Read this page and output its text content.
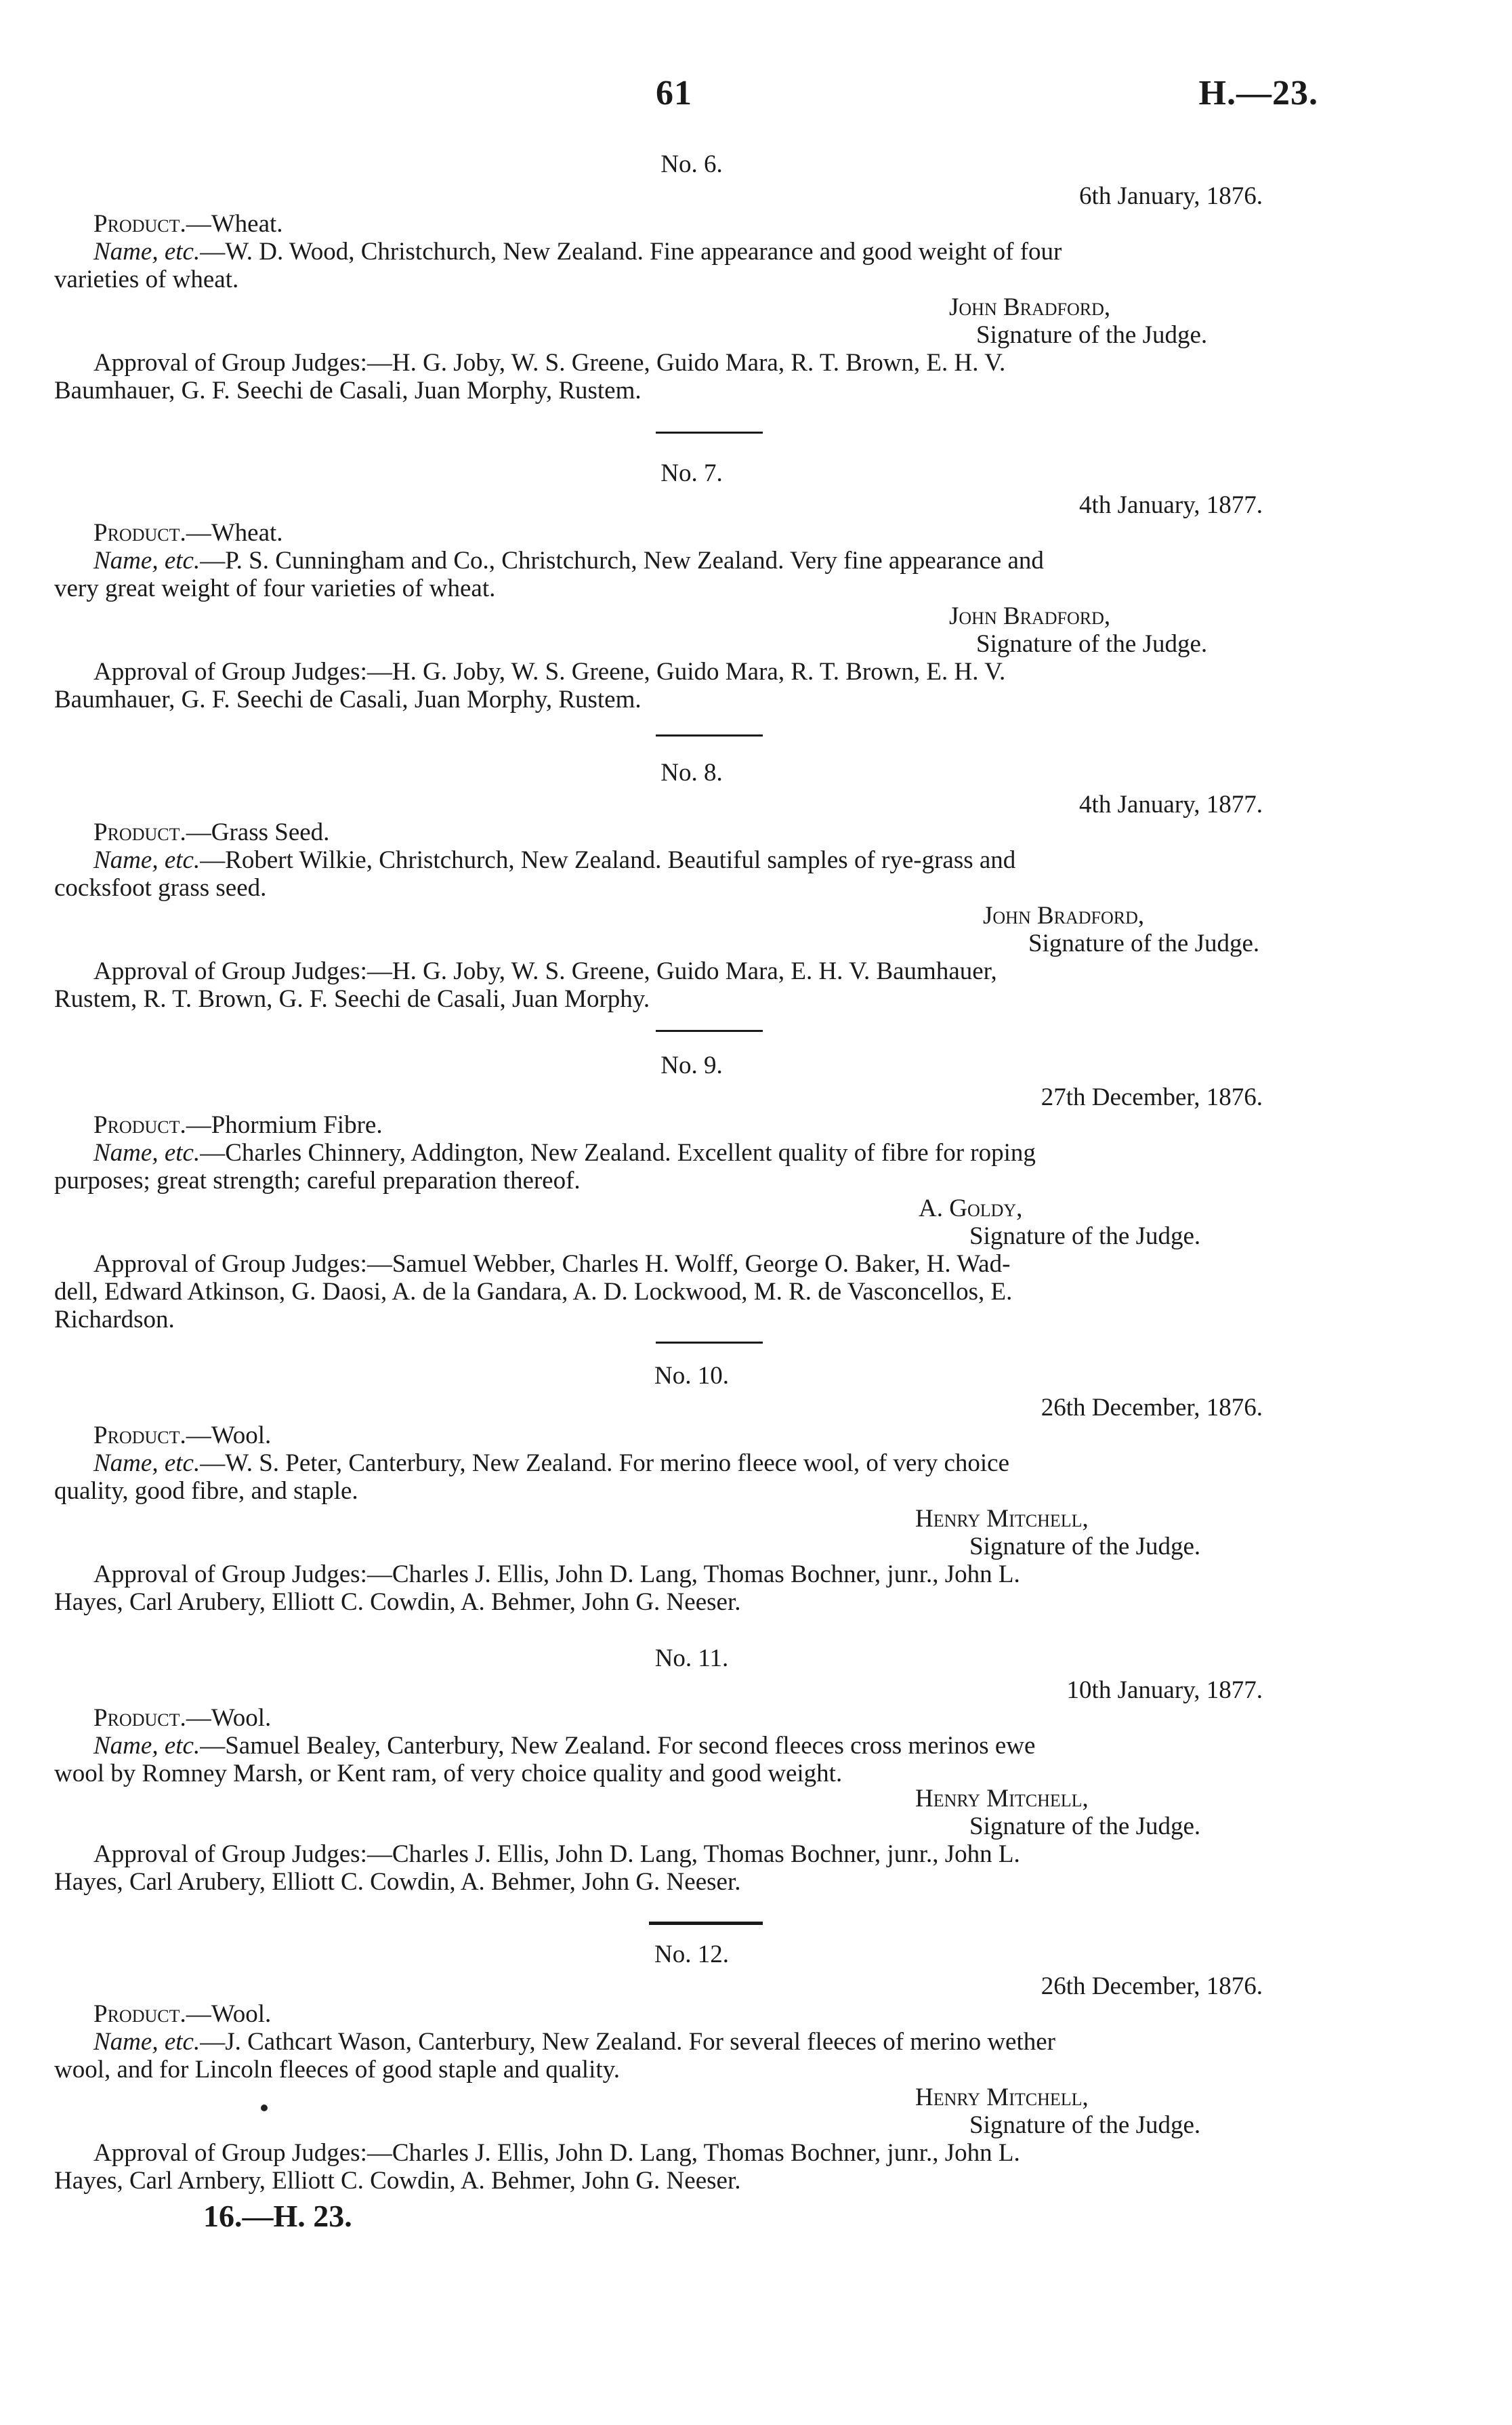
61	H.—23.
No. 6.
6th January, 1876.
Product.—Wheat.
Name, etc.—W. D. Wood, Christchurch, New Zealand. Fine appearance and good weight of four
varieties of wheat.
John Bradford,
Signature of the Judge.
Approval of Group Judges:—H. G. Joby, W. S. Greene, Guido Mara, R. T. Brown, E. H. V.
Baumhauer, G. F. Seechi de Casali, Juan Morphy, Rustem.
No. 7.
4th January, 1877.
Product.—Wheat.
Name, etc.—P. S. Cunningham and Co., Christchurch, New Zealand. Very fine appearance and
very great weight of four varieties of wheat.
John Bradford,
Signature of the Judge.
Approval of Group Judges:—H. G. Joby, W. S. Greene, Guido Mara, R. T. Brown, E. H. V.
Baumhauer, G. F. Seechi de Casali, Juan Morphy, Rustem.
No. 8.
4th January, 1877.
Product.—Grass Seed.
Name, etc.—Robert Wilkie, Christchurch, New Zealand. Beautiful samples of rye-grass and
cocksfoot grass seed.
John Bradford,
Signature of the Judge.
Approval of Group Judges:—H. G. Joby, W. S. Greene, Guido Mara, E. H. V. Baumhauer,
Rustem, R. T. Brown, G. F. Seechi de Casali, Juan Morphy.
No. 9.
27th December, 1876.
Product.—Phormium Fibre.
Name, etc.—Charles Chinnery, Addington, New Zealand. Excellent quality of fibre for roping
purposes; great strength; careful preparation thereof.
A. Goldy,
Signature of the Judge.
Approval of Group Judges:—Samuel Webber, Charles H. Wolff, George O. Baker, H. Wad-
dell, Edward Atkinson, G. Daosi, A. de la Gandara, A. D. Lockwood, M. R. de Vasconcellos, E.
Richardson.
No. 10.
26th December, 1876.
Product.—Wool.
Name, etc.—W. S. Peter, Canterbury, New Zealand. For merino fleece wool, of very choice
quality, good fibre, and staple.
Henry Mitchell,
Signature of the Judge.
Approval of Group Judges:—Charles J. Ellis, John D. Lang, Thomas Bochner, junr., John L.
Hayes, Carl Arubery, Elliott C. Cowdin, A. Behmer, John G. Neeser.
No. 11.
10th January, 1877.
Product.—Wool.
Name, etc.—Samuel Bealey, Canterbury, New Zealand. For second fleeces cross merinos ewe
wool by Romney Marsh, or Kent ram, of very choice quality and good weight.
Henry Mitchell,
Signature of the Judge.
Approval of Group Judges:—Charles J. Ellis, John D. Lang, Thomas Bochner, junr., John L.
Hayes, Carl Arubery, Elliott C. Cowdin, A. Behmer, John G. Neeser.
No. 12.
26th December, 1876.
Product.—Wool.
Name, etc.—J. Cathcart Wason, Canterbury, New Zealand. For several fleeces of merino wether
wool, and for Lincoln fleeces of good staple and quality.
Henry Mitchell,
Signature of the Judge.
Approval of Group Judges:—Charles J. Ellis, John D. Lang, Thomas Bochner, junr., John L.
Hayes, Carl Arnbery, Elliott C. Cowdin, A. Behmer, John G. Neeser.
16.—H. 23.
